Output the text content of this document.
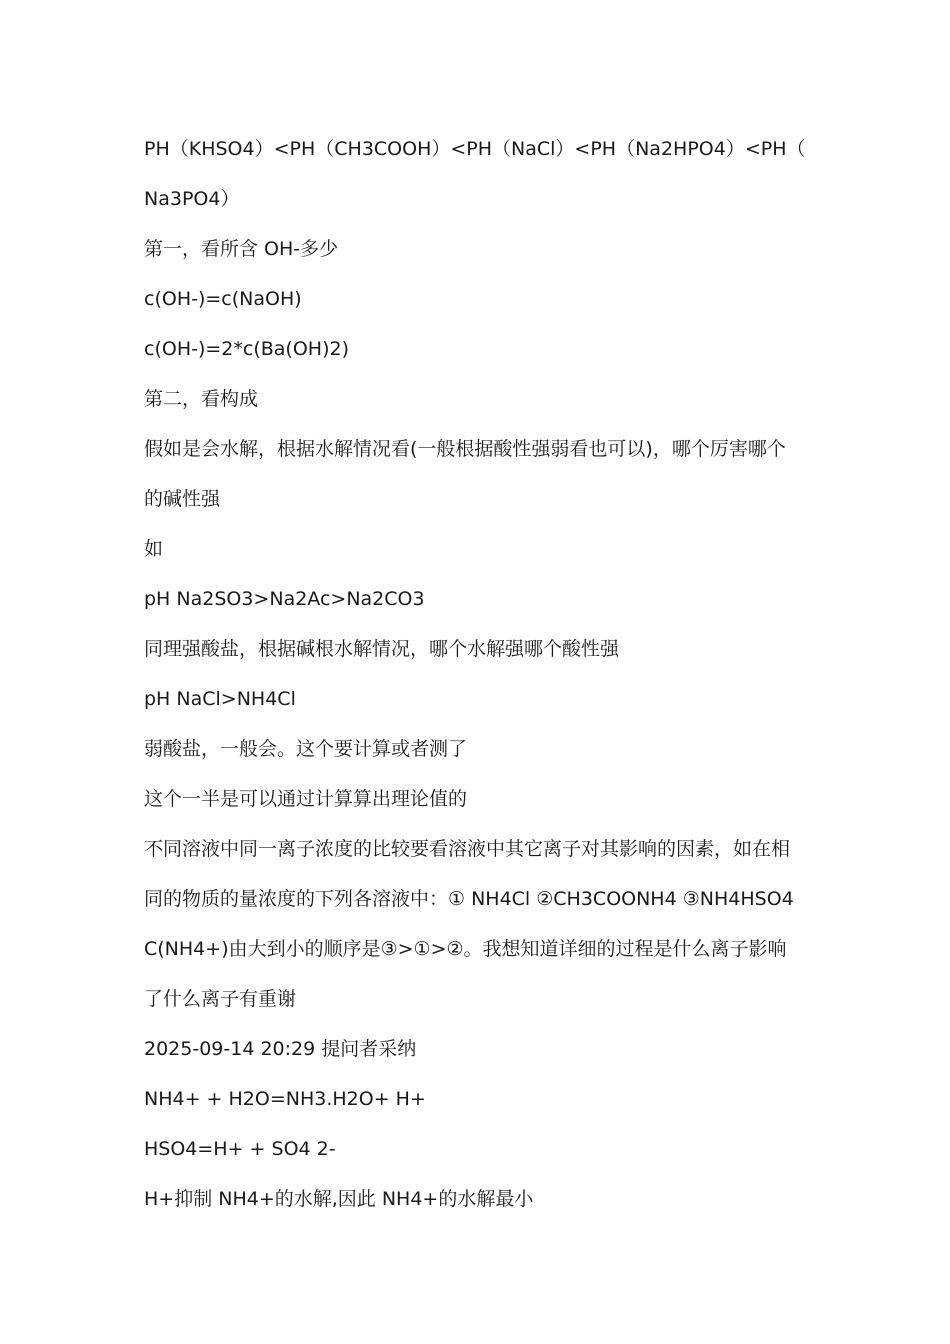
PH（KHSO4）<PH（CH3COOH）<PH（NaCl）<PH（Na2HPO4）<PH（
Na3PO4）
第一，看所含 OH-多少
c(OH-)=c(NaOH)
c(OH-)=2*c(Ba(OH)2)
第二，看构成
假如是会水解，根据水解情况看(一般根据酸性强弱看也可以)，哪个厉害哪个
的碱性强
如
pH Na2SO3>Na2Ac>Na2CO3
同理强酸盐，根据碱根水解情况，哪个水解强哪个酸性强
pH NaCl>NH4Cl
弱酸盐，一般会。这个要计算或者测了
这个一半是可以通过计算算出理论值的
不同溶液中同一离子浓度的比较要看溶液中其它离子对其影响的因素，如在相
同的物质的量浓度的下列各溶液中：① NH4Cl ②CH3COONH4 ③NH4HSO4
C(NH4+)由大到小的顺序是③>①>②。我想知道详细的过程是什么离子影响
了什么离子有重谢
2025-09-14 20:29 提问者采纳
NH4+ + H2O=NH3.H2O+ H+
HSO4=H+ + SO4 2-
H+抑制 NH4+的水解,因此 NH4+的水解最小
